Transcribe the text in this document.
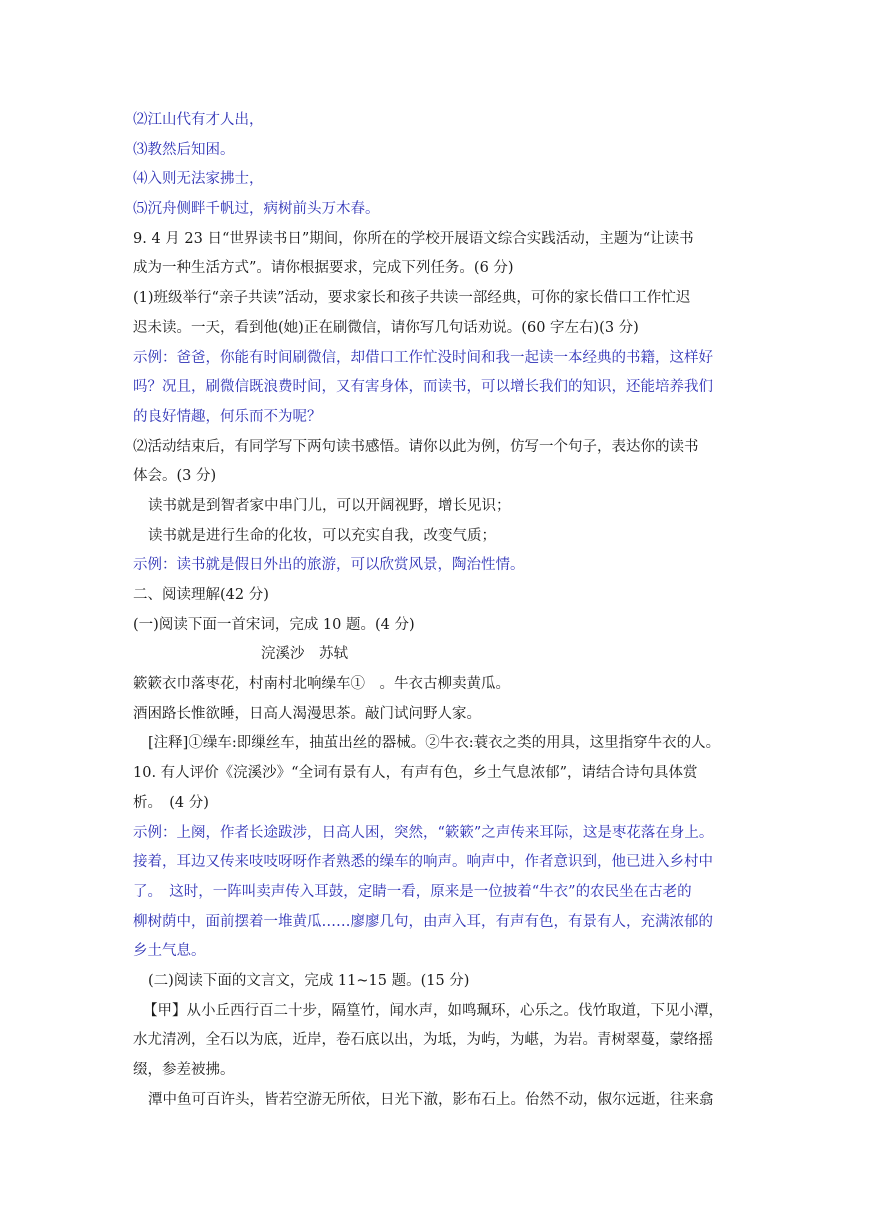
⑵江山代有才人出，
⑶教然后知困。
⑷入则无法家拂士，
⑸沉舟侧畔千帆过，病树前头万木春。
9. 4 月 23 日“世界读书日”期间，你所在的学校开展语文综合实践活动，主题为“让读书
成为一种生活方式”。请你根据要求，完成下列任务。(6 分)
(1)班级举行“亲子共读”活动，要求家长和孩子共读一部经典，可你的家长借口工作忙迟
迟未读。一天，看到他(她)正在刷微信，请你写几句话劝说。(60 字左右)(3 分)
示例：爸爸，你能有时间刷微信，却借口工作忙没时间和我一起读一本经典的书籍，这样好
吗？况且，刷微信既浪费时间，又有害身体，而读书，可以增长我们的知识，还能培养我们
的良好情趣，何乐而不为呢？
⑵活动结束后，有同学写下两句读书感悟。请你以此为例，仿写一个句子，表达你的读书
体会。(3 分)
读书就是到智者家中串门儿，可以开阔视野，增长见识；
读书就是进行生命的化妆，可以充实自我，改变气质；
示例：读书就是假日外出的旅游，可以欣赏风景，陶治性情。
二、阅读理解(42 分)
(一)阅读下面一首宋词，完成 10 题。(4 分)
浣溪沙　苏轼
簌簌衣巾落枣花，村南村北响缲车①　。牛衣古柳卖黄瓜。
酒困路长惟欲睡，日高人渴漫思茶。敲门试问野人家。
[注释]①缲车:即缫丝车，抽茧出丝的器械。②牛衣:蓑衣之类的用具，这里指穿牛衣的人。
10. 有人评价《浣溪沙》“全词有景有人，有声有色，乡土气息浓郁”，请结合诗句具体赏
析。　(4 分)
示例：上阕，作者长途跋涉，日高人困，突然，“簌簌”之声传来耳际，这是枣花落在身上。
接着，耳边又传来吱吱呀呀作者熟悉的缲车的响声。响声中，作者意识到，他已进入乡村中
了。　这时，一阵叫卖声传入耳鼓，定睛一看，原来是一位披着“牛衣”的农民坐在古老的
柳树荫中，面前摆着一堆黄瓜……廖廖几句，由声入耳，有声有色，有景有人，充满浓郁的
乡土气息。
(二)阅读下面的文言文，完成 11~15 题。(15 分)
【甲】从小丘西行百二十步，隔篁竹，闻水声，如鸣珮环，心乐之。伐竹取道，下见小潭，
水尤清冽，全石以为底，近岸，卷石底以出，为坻，为屿，为嵁，为岩。青树翠蔓，蒙络摇
缀，参差被拂。
潭中鱼可百许头，皆若空游无所依，日光下澈，影布石上。佁然不动，俶尔远逝，往来翕
